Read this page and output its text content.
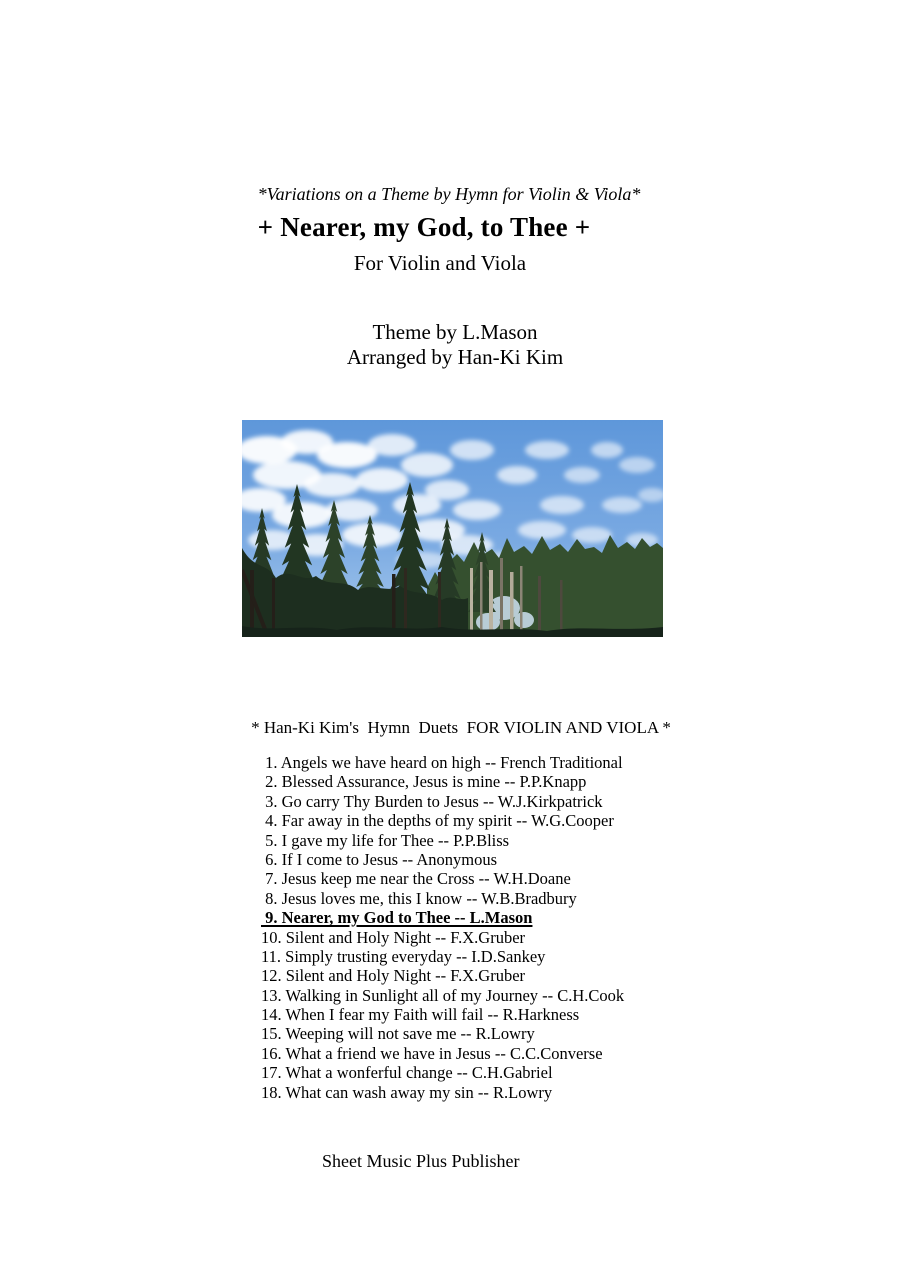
*Variations on a Theme by Hymn for Violin & Viola*
+ Nearer, my God, to Thee +
For Violin and Viola
Theme by L.Mason
Arranged by Han-Ki Kim
* Han-Ki Kim's  Hymn  Duets  FOR VIOLIN AND VIOLA *
1. Angels we have heard on high -- French Traditional
2. Blessed Assurance, Jesus is mine -- P.P.Knapp
3. Go carry Thy Burden to Jesus -- W.J.Kirkpatrick
4. Far away in the depths of my spirit -- W.G.Cooper
5. I gave my life for Thee -- P.P.Bliss
6. If I come to Jesus -- Anonymous
7. Jesus keep me near the Cross -- W.H.Doane
8. Jesus loves me, this I know -- W.B.Bradbury
9. Nearer, my God to Thee -- L.Mason
10. Silent and Holy Night -- F.X.Gruber
11. Simply trusting everyday -- I.D.Sankey
12. Silent and Holy Night -- F.X.Gruber
13. Walking in Sunlight all of my Journey -- C.H.Cook
14. When I fear my Faith will fail -- R.Harkness
15. Weeping will not save me -- R.Lowry
16. What a friend we have in Jesus -- C.C.Converse
17. What a wonferful change -- C.H.Gabriel
18. What can wash away my sin -- R.Lowry
Sheet Music Plus Publisher
